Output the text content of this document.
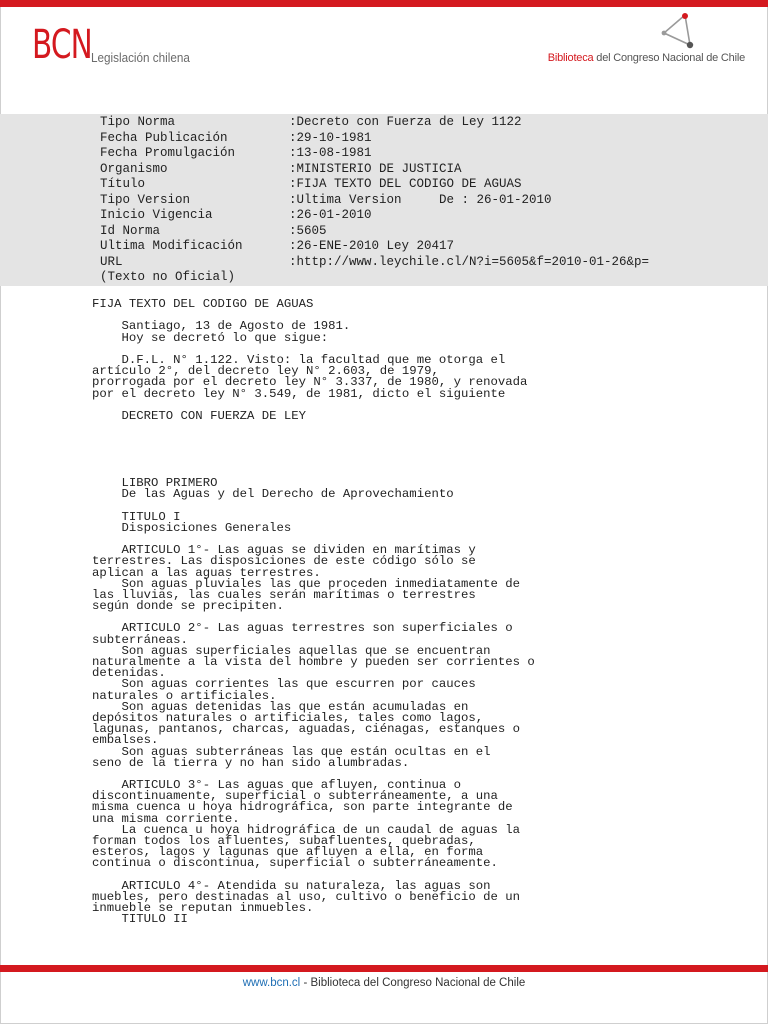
BCN Legislación chilena	Biblioteca del Congreso Nacional de Chile
Tipo Norma	:Decreto con Fuerza de Ley 1122
Fecha Publicación	:29-10-1981
Fecha Promulgación	:13-08-1981
Organismo	:MINISTERIO DE JUSTICIA
Título	:FIJA TEXTO DEL CODIGO DE AGUAS
Tipo Version	:Ultima Version     De : 26-01-2010
Inicio Vigencia	:26-01-2010
Id Norma	:5605
Ultima Modificación	:26-ENE-2010 Ley 20417
URL	:http://www.leychile.cl/N?i=5605&f=2010-01-26&p=
(Texto no Oficial)
FIJA TEXTO DEL CODIGO DE AGUAS
Santiago, 13 de Agosto de 1981.
Hoy se decretó lo que sigue:
D.F.L. N° 1.122. Visto: la facultad que me otorga el
artículo 2°, del decreto ley N° 2.603, de 1979,
prorrogada por el decreto ley N° 3.337, de 1980, y renovada
por el decreto ley N° 3.549, de 1981, dicto el siguiente
DECRETO CON FUERZA DE LEY
LIBRO PRIMERO
De las Aguas y del Derecho de Aprovechamiento
TITULO I
Disposiciones Generales
ARTICULO 1°- Las aguas se dividen en marítimas y
terrestres. Las disposiciones de este código sólo se
aplican a las aguas terrestres.
Son aguas pluviales las que proceden inmediatamente de
las lluvias, las cuales serán marítimas o terrestres
según donde se precipiten.
ARTICULO 2°- Las aguas terrestres son superficiales o
subterráneas.
Son aguas superficiales aquellas que se encuentran
naturalmente a la vista del hombre y pueden ser corrientes o
detenidas.
Son aguas corrientes las que escurren por cauces
naturales o artificiales.
Son aguas detenidas las que están acumuladas en
depósitos naturales o artificiales, tales como lagos,
lagunas, pantanos, charcas, aguadas, ciénagas, estanques o
embalses.
Son aguas subterráneas las que están ocultas en el
seno de la tierra y no han sido alumbradas.
ARTICULO 3°- Las aguas que afluyen, continua o
discontinuamente, superficial o subterráneamente, a una
misma cuenca u hoya hidrográfica, son parte integrante de
una misma corriente.
La cuenca u hoya hidrográfica de un caudal de aguas la
forman todos los afluentes, subafluentes, quebradas,
esteros, lagos y lagunas que afluyen a ella, en forma
continua o discontinua, superficial o subterráneamente.
ARTICULO 4°- Atendida su naturaleza, las aguas son
muebles, pero destinadas al uso, cultivo o beneficio de un
inmueble se reputan inmuebles.
TITULO II
www.bcn.cl - Biblioteca del Congreso Nacional de Chile
